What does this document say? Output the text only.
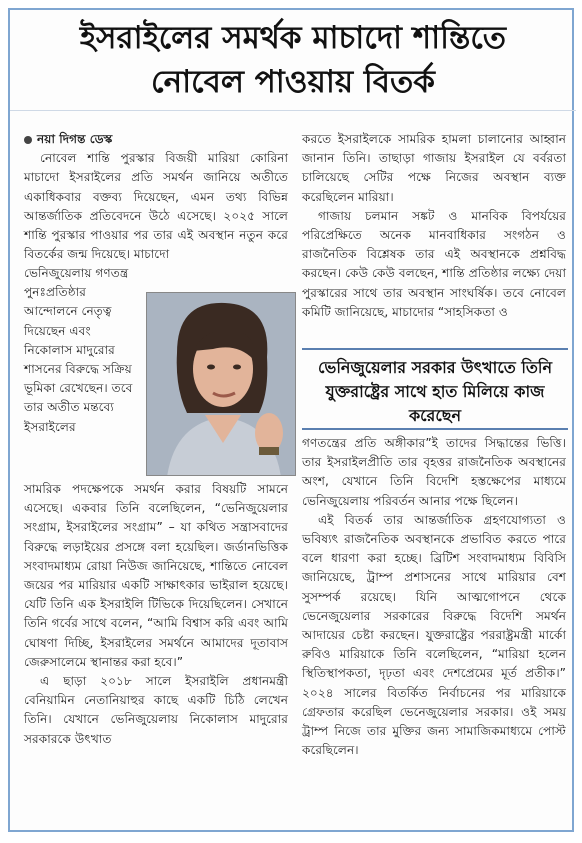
ইসরাইলের সমর্থক মাচাদো শান্তিতে
নোবেল পাওয়ায় বিতর্ক

নয়া দিগন্ত ডেস্ক

নোবেল শান্তি পুরস্কার বিজয়ী মারিয়া কোরিনা মাচাদো ইসরাইলের প্রতি সমর্থন জানিয়ে অতীতে একাধিকবার বক্তব্য দিয়েছেন, এমন তথ্য বিভিন্ন আন্তর্জাতিক প্রতিবেদনে উঠে এসেছে। ২০২৫ সালে শান্তি পুরস্কার পাওয়ার পর তার এই অবস্থান নতুন করে বিতর্কের জন্ম দিয়েছে। মাচাদো

ভেনিজুয়েলায় গণতন্ত্র পুনঃপ্রতিষ্ঠার আন্দোলনে নেতৃত্ব দিয়েছেন এবং নিকোলাস মাদুরোর শাসনের বিরুদ্ধে সক্রিয় ভূমিকা রেখেছেন। তবে তার অতীত মন্তব্যে ইসরাইলের

সামরিক পদক্ষেপকে সমর্থন করার বিষয়টি সামনে এসেছে। একবার তিনি বলেছিলেন, “ভেনিজুয়েলার সংগ্রাম, ইসরাইলের সংগ্রাম” – যা কথিত সন্ত্রাসবাদের বিরুদ্ধে লড়াইয়ের প্রসঙ্গে বলা হয়েছিল। জর্ডানভিত্তিক সংবাদমাধ্যম রোয়া নিউজ জানিয়েছে, শান্তিতে নোবেল জয়ের পর মারিয়ার একটি সাক্ষাৎকার ভাইরাল হয়েছে। যেটি তিনি এক ইসরাইলি টিভিকে দিয়েছিলেন। সেখানে তিনি গর্বের সাথে বলেন, “আমি বিশ্বাস করি এবং আমি ঘোষণা দিচ্ছি, ইসরাইলের সমর্থনে আমাদের দূতাবাস জেরুসালেমে স্থানান্তর করা হবে।”

এ ছাড়া ২০১৮ সালে ইসরাইলি প্রধানমন্ত্রী বেনিয়ামিন নেতানিয়াহুর কাছে একটি চিঠি লেখেন তিনি। যেখানে ভেনিজুয়েলায় নিকোলাস মাদুরোর সরকারকে উৎখাত

করতে ইসরাইলকে সামরিক হামলা চালানোর আহ্বান জানান তিনি। তাছাড়া গাজায় ইসরাইল যে বর্বরতা চালিয়েছে সেটির পক্ষে নিজের অবস্থান ব্যক্ত করেছিলেন মারিয়া।

গাজায় চলমান সঙ্কট ও মানবিক বিপর্যয়ের পরিপ্রেক্ষিতে অনেক মানবাধিকার সংগঠন ও রাজনৈতিক বিশ্লেষক তার এই অবস্থানকে প্রশ্নবিদ্ধ করছেন। কেউ কেউ বলছেন, শান্তি প্রতিষ্ঠার লক্ষ্যে দেয়া পুরস্কারের সাথে তার অবস্থান সাংঘর্ষিক। তবে নোবেল কমিটি জানিয়েছে, মাচাদোর “সাহসিকতা ও

ভেনিজুয়েলার সরকার উৎখাতে তিনি যুক্তরাষ্ট্রের সাথে হাত মিলিয়ে কাজ করেছেন

গণতন্ত্রের প্রতি অঙ্গীকার”ই তাদের সিদ্ধান্তের ভিত্তি। তার ইসরাইলপ্রীতি তার বৃহত্তর রাজনৈতিক অবস্থানের অংশ, যেখানে তিনি বিদেশি হস্তক্ষেপের মাধ্যমে ভেনিজুয়েলায় পরিবর্তন আনার পক্ষে ছিলেন।

এই বিতর্ক তার আন্তর্জাতিক গ্রহণযোগ্যতা ও ভবিষ্যৎ রাজনৈতিক অবস্থানকে প্রভাবিত করতে পারে বলে ধারণা করা হচ্ছে। ব্রিটিশ সংবাদমাধ্যম বিবিসি জানিয়েছে, ট্রাম্প প্রশাসনের সাথে মারিয়ার বেশ সুসম্পর্ক রয়েছে। যিনি আত্মগোপনে থেকে ভেনেজুয়েলার সরকারের বিরুদ্ধে বিদেশি সমর্থন আদায়ের চেষ্টা করছেন। যুক্তরাষ্ট্রের পররাষ্ট্রমন্ত্রী মার্কো রুবিও মারিয়াকে তিনি বলেছিলেন, “মারিয়া হলেন স্থিতিস্থাপকতা, দৃঢ়তা এবং দেশপ্রেমের মূর্ত প্রতীক।” ২০২৪ সালের বিতর্কিত নির্বাচনের পর মারিয়াকে গ্রেফতার করেছিল ভেনেজুয়েলার সরকার। ওই সময় ট্রাম্প নিজে তার মুক্তির জন্য সামাজিকমাধ্যমে পোস্ট করেছিলেন।
